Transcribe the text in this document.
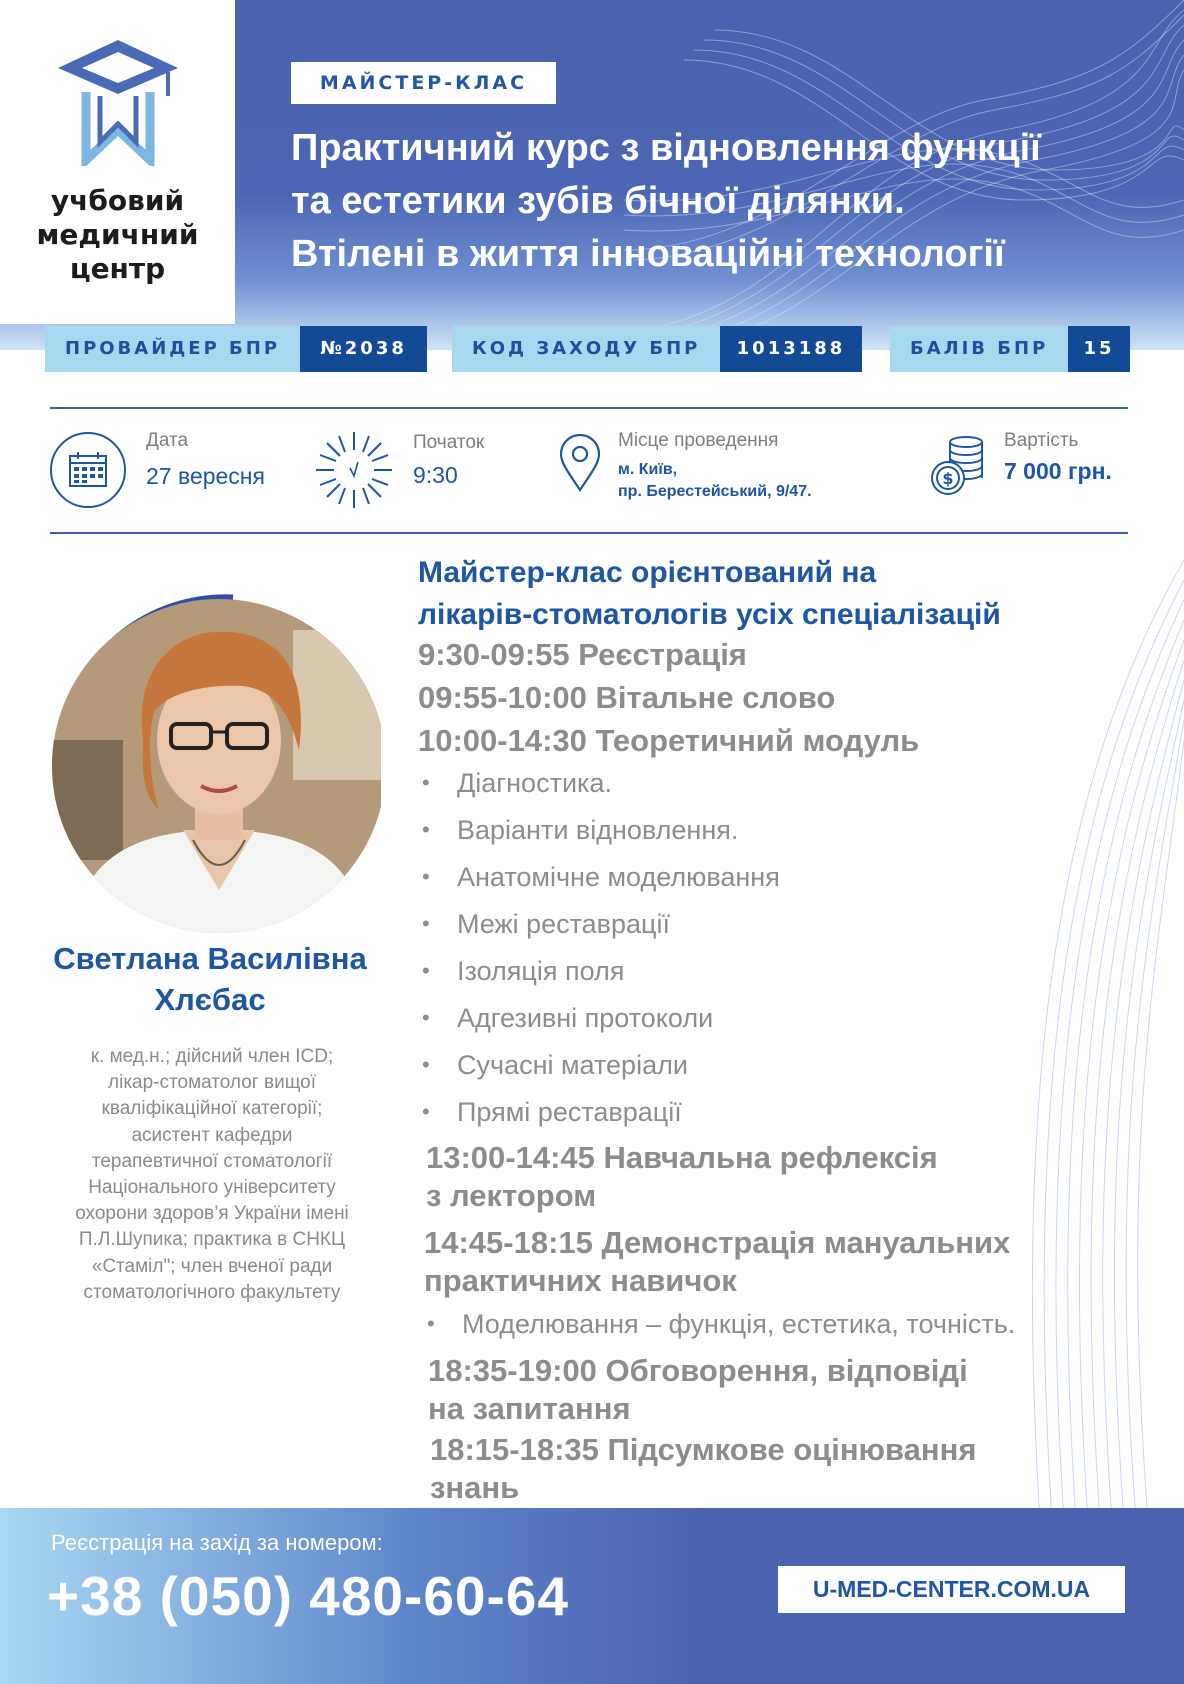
учбовий
медичний
центр
МАЙСТЕР-КЛАС
Практичний курс з відновлення функції
та естетики зубів бічної ділянки.
Втілені в життя інноваційні технології
ПРОВАЙДЕР БПР	№2038	КОД ЗАХОДУ БПР	1013188	БАЛІВ БПР	15
Дата
27 вересня
Початок
9:30
Місце проведення
м. Київ,
пр. Берестейський, 9/47.
$
Вартість
7 000 грн.
Светлана Василівна
Хлєбас
к. мед.н.; дійсний член ICD;
лікар-стоматолог вищої
кваліфікаційної категорії;
асистент кафедри
терапевтичної стоматології
Національного університету
охорони здоров’я України імені
П.Л.Шупика; практика в СНКЦ
«Стаміл"; член вченої ради
стоматологічного факультету
Майстер-клас орієнтований на
лікарів-стоматологів усіх спеціалізацій
9:30-09:55 Реєстрація
09:55-10:00 Вітальне слово
10:00-14:30 Теоретичний модуль
• Діагностика.
• Варіанти відновлення.
• Анатомічне моделювання
• Межі реставрації
• Ізоляція поля
• Адгезивні протоколи
• Сучасні матеріали
• Прямі реставрації
13:00-14:45 Навчальна рефлексія
з лектором
14:45-18:15 Демонстрація мануальних
практичних навичок
• Моделювання – функція, естетика, точність.
18:35-19:00 Обговорення, відповіді
на запитання
18:15-18:35 Підсумкове оцінювання
знань
Реєстрація на захід за номером:
+38 (050) 480-60-64	U-MED-CENTER.COM.UA
